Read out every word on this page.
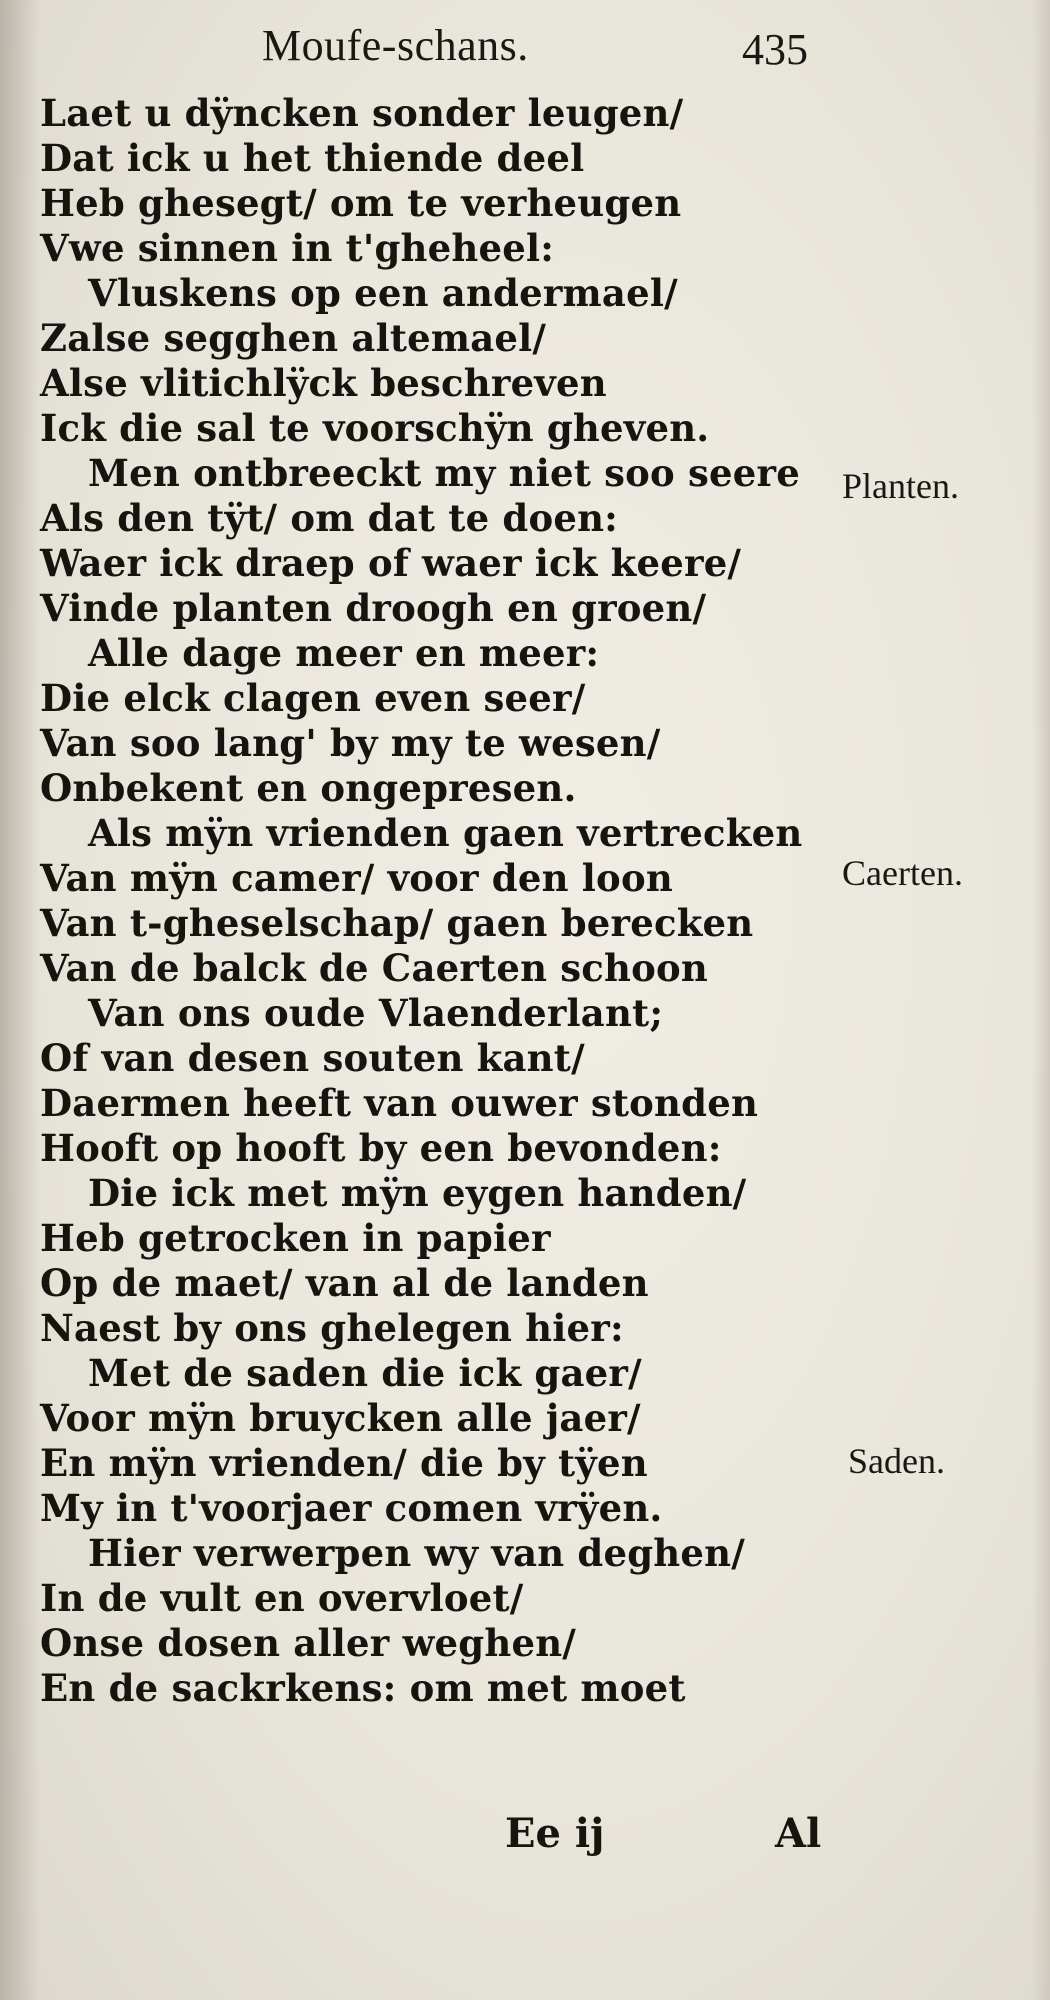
Moufe-schans.	435
Laet u dÿncken sonder leugen/
Dat ick u het thiende deel
Heb ghesegt/ om te verheugen
Vwe sinnen in t'gheheel:
Vluskens op een andermael/
Zalse segghen altemael/
Alse vlitichlÿck beschreven
Ick die sal te voorschÿn gheven.
Men ontbreeckt my niet soo seere
Als den tÿt/ om dat te doen:
Waer ick draep of waer ick keere/
Vinde planten droogh en groen/
Alle dage meer en meer:
Die elck clagen even seer/
Van soo lang' by my te wesen/
Onbekent en ongepresen.
Als mÿn vrienden gaen vertrecken
Van mÿn camer/ voor den loon
Van t-gheselschap/ gaen berecken
Van de balck de Caerten schoon
Van ons oude Vlaenderlant;
Of van desen souten kant/
Daermen heeft van ouwer stonden
Hooft op hooft by een bevonden:
Die ick met mÿn eygen handen/
Heb getrocken in papier
Op de maet/ van al de landen
Naest by ons ghelegen hier:
Met de saden die ick gaer/
Voor mÿn bruycken alle jaer/
En mÿn vrienden/ die by tÿen
My in t'voorjaer comen vrÿen.
Hier verwerpen wy van deghen/
In de vult en overvloet/
Onse dosen aller weghen/
En de sackrkens: om met moet
Planten.
Caerten.
Saden.
Ee ij	Al
